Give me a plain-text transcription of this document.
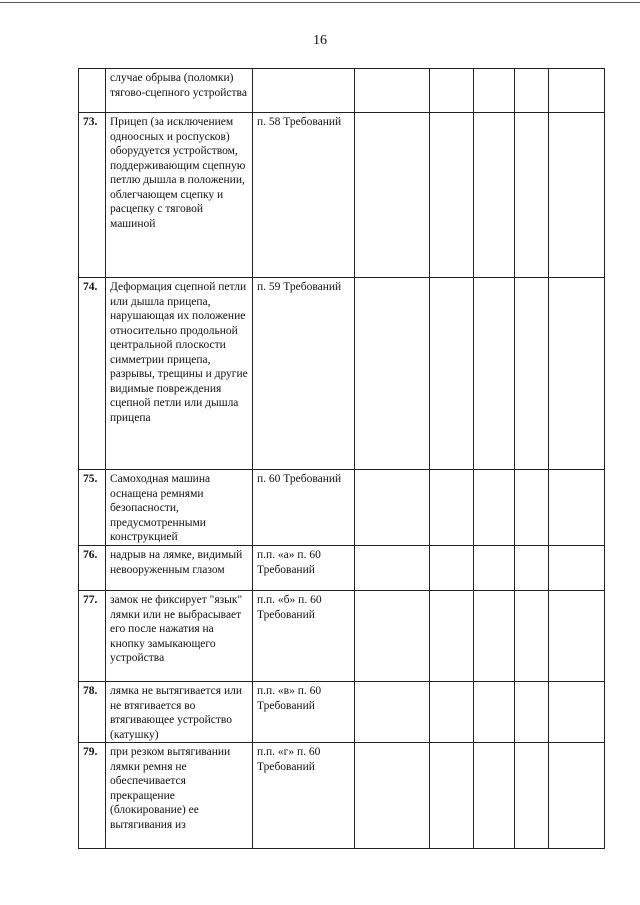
16
	случае обрыва (поломки) тягово-сцепного устройства						
73.	Прицеп (за исключением одноосных и роспусков) оборудуется устройством, поддерживающим сцепную петлю дышла в положении, облегчающем сцепку и расцепку с тяговой машиной	п. 58 Требований					
74.	Деформация сцепной петли или дышла прицепа, нарушающая их положение относительно продольной центральной плоскости симметрии прицепа, разрывы, трещины и другие видимые повреждения сцепной петли или дышла прицепа	п. 59 Требований					
75.	Самоходная машина оснащена ремнями безопасности, предусмотренными конструкцией	п. 60 Требований					
76.	надрыв на лямке, видимый невооруженным глазом	п.п. «а» п. 60 Требований					
77.	замок не фиксирует "язык" лямки или не выбрасывает его после нажатия на кнопку замыкающего устройства	п.п. «б» п. 60 Требований					
78.	лямка не вытягивается или не втягивается во втягивающее устройство (катушку)	п.п. «в» п. 60 Требований					
79.	при резком вытягивании лямки ремня не обеспечивается прекращение (блокирование) ее вытягивания из	п.п. «г» п. 60 Требований					
